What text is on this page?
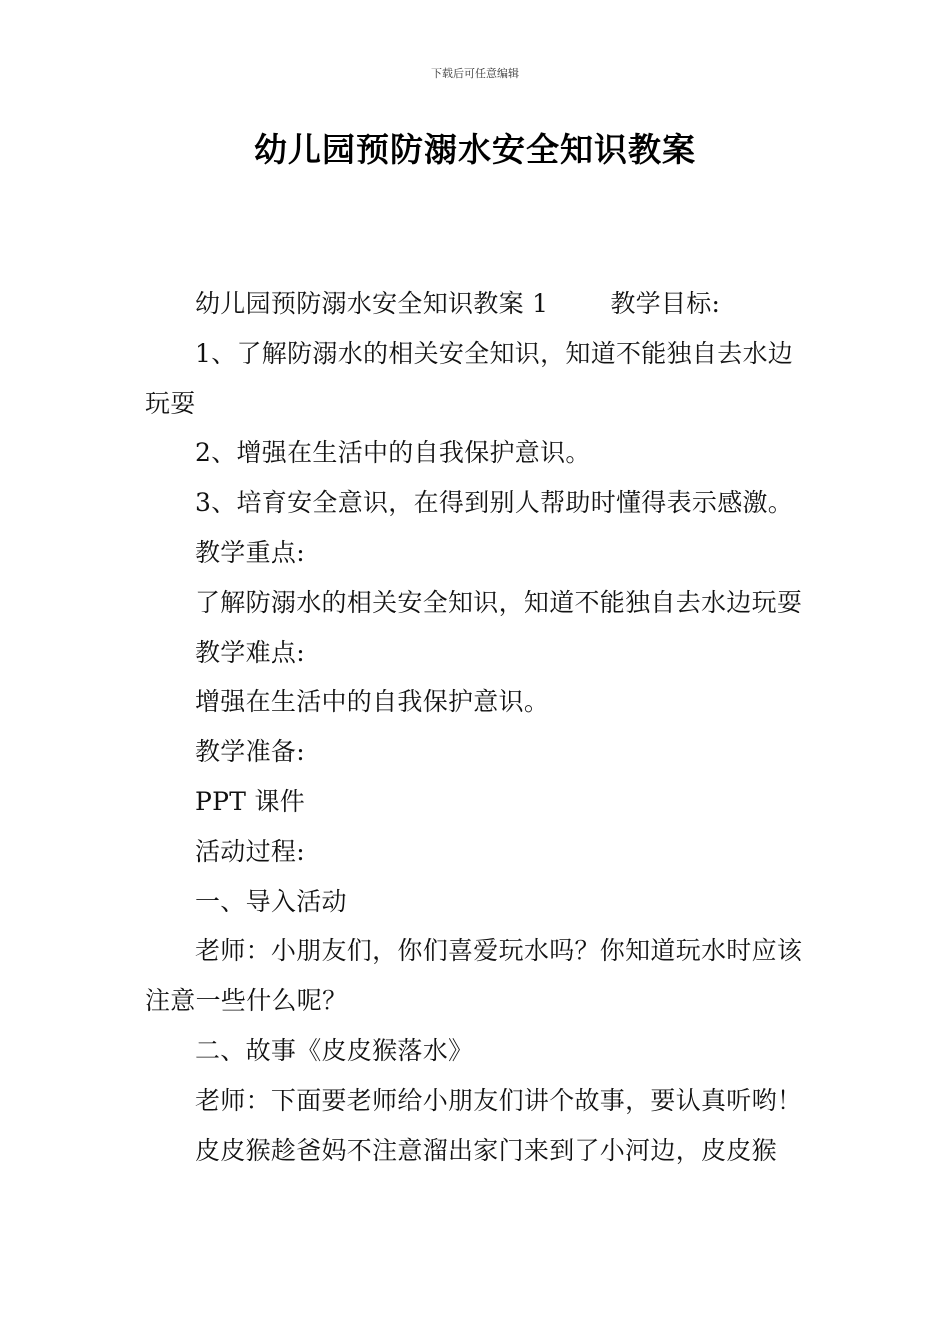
下载后可任意编辑
幼儿园预防溺水安全知识教案

幼儿园预防溺水安全知识教案 1 教学目标:

1、了解防溺水的相关安全知识，知道不能独自去水边玩耍

2、增强在生活中的自我保护意识。

3、培育安全意识，在得到别人帮助时懂得表示感激。

教学重点:

了解防溺水的相关安全知识，知道不能独自去水边玩耍

教学难点:

增强在生活中的自我保护意识。

教学准备:

PPT 课件

活动过程:

一、导入活动

老师：小朋友们，你们喜爱玩水吗？你知道玩水时应该注意一些什么呢？

二、故事《皮皮猴落水》

老师：下面要老师给小朋友们讲个故事，要认真听哟！

皮皮猴趁爸妈不注意溜出家门来到了小河边，皮皮猴
